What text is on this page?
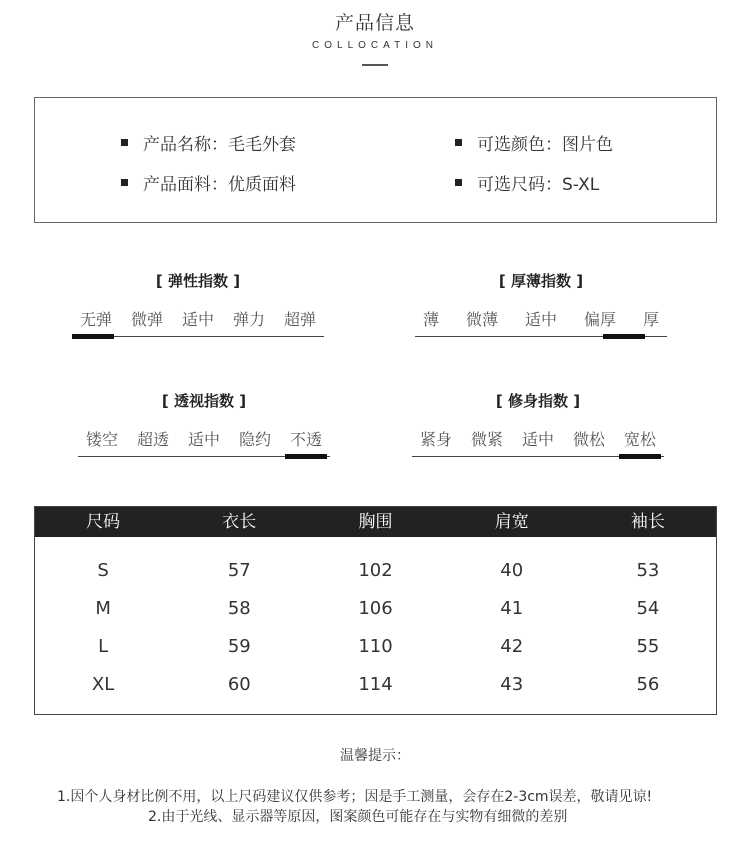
产品信息
COLLOCATION
产品名称：毛毛外套
产品面料：优质面料
可选颜色：图片色
可选尺码：S-XL
[ 弹性指数 ]
无弹 微弹 适中 弹力 超弹
[ 厚薄指数 ]
薄 微薄 适中 偏厚 厚
[ 透视指数 ]
镂空 超透 适中 隐约 不透
[ 修身指数 ]
紧身 微紧 适中 微松 宽松
尺码	衣长	胸围	肩宽	袖长
S	57	102	40	53
M	58	106	41	54
L	59	110	42	55
XL	60	114	43	56
温馨提示：
1.因个人身材比例不用，以上尺码建议仅供参考；因是手工测量，会存在2-3cm误差，敬请见谅!
2.由于光线、显示器等原因，图案颜色可能存在与实物有细微的差别
